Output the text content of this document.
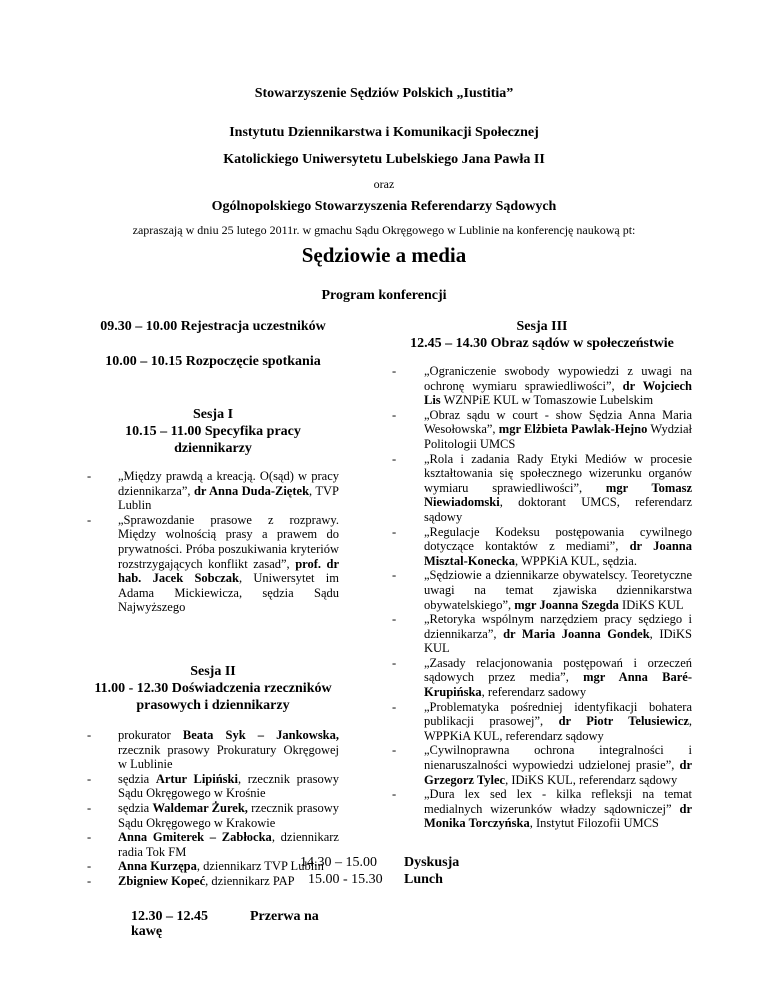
Stowarzyszenie Sędziów Polskich „Iustitia”
Instytutu Dziennikarstwa i Komunikacji Społecznej
Katolickiego Uniwersytetu Lubelskiego Jana Pawła II
oraz
Ogólnopolskiego Stowarzyszenia Referendarzy Sądowych
zapraszają w dniu 25 lutego 2011r. w gmachu Sądu Okręgowego w Lublinie na konferencję naukową pt:
Sędziowie a media
Program konferencji
09.30 – 10.00 Rejestracja uczestników
10.00 – 10.15 Rozpoczęcie spotkania
Sesja I
10.15 – 11.00 Specyfika pracy dziennikarzy
- „Między prawdą a kreacją. O(sąd) w pracy dziennikarza”, dr Anna Duda-Ziętek, TVP Lublin
- „Sprawozdanie prasowe z rozprawy. Między wolnością prasy a prawem do prywatności. Próba poszukiwania kryteriów rozstrzygających konflikt zasad”, prof. dr hab. Jacek Sobczak, Uniwersytet im Adama Mickiewicza, sędzia Sądu Najwyższego
Sesja II
11.00 - 12.30 Doświadczenia rzeczników prasowych i dziennikarzy
- prokurator Beata Syk – Jankowska, rzecznik prasowy Prokuratury Okręgowej w Lublinie
- sędzia Artur Lipiński, rzecznik prasowy Sądu Okręgowego w Krośnie
- sędzia Waldemar Żurek, rzecznik prasowy Sądu Okręgowego w Krakowie
- Anna Gmiterek – Zabłocka, dziennikarz radia Tok FM
- Anna Kurzępa, dziennikarz TVP Lublin
- Zbigniew Kopeć, dziennikarz PAP
12.30 – 12.45	Przerwa na kawę
Sesja III
12.45 – 14.30 Obraz sądów w społeczeństwie
- „Ograniczenie swobody wypowiedzi z uwagi na ochronę wymiaru sprawiedliwości”, dr Wojciech Lis WZNPiE KUL w Tomaszowie Lubelskim
- „Obraz sądu w court - show Sędzia Anna Maria Wesołowska”, mgr Elżbieta Pawlak-Hejno Wydział Politologii UMCS
- „Rola i zadania Rady Etyki Mediów w procesie kształtowania się społecznego wizerunku organów wymiaru sprawiedliwości”, mgr Tomasz Niewiadomski, doktorant UMCS, referendarz sądowy
- „Regulacje Kodeksu postępowania cywilnego dotyczące kontaktów z mediami”, dr Joanna Misztal-Konecka, WPPKiA KUL, sędzia.
- „Sędziowie a dziennikarze obywatelscy. Teoretyczne uwagi na temat zjawiska dziennikarstwa obywatelskiego”, mgr Joanna Szegda IDiKS KUL
- „Retoryka wspólnym narzędziem pracy sędziego i dziennikarza”, dr Maria Joanna Gondek, IDiKS KUL
- „Zasady relacjonowania postępowań i orzeczeń sądowych przez media”, mgr Anna Baré-Krupińska, referendarz sadowy
- „Problematyka pośredniej identyfikacji bohatera publikacji prasowej”, dr Piotr Telusiewicz, WPPKiA KUL, referendarz sądowy
- „Cywilnoprawna ochrona integralności i nienaruszalności wypowiedzi udzielonej prasie”, dr Grzegorz Tylec, IDiKS KUL, referendarz sądowy
- „Dura lex sed lex - kilka refleksji na temat medialnych wizerunków władzy sądowniczej” dr Monika Torczyńska, Instytut Filozofii UMCS
14.30 – 15.00 Dyskusja
15.00 - 15.30 Lunch
